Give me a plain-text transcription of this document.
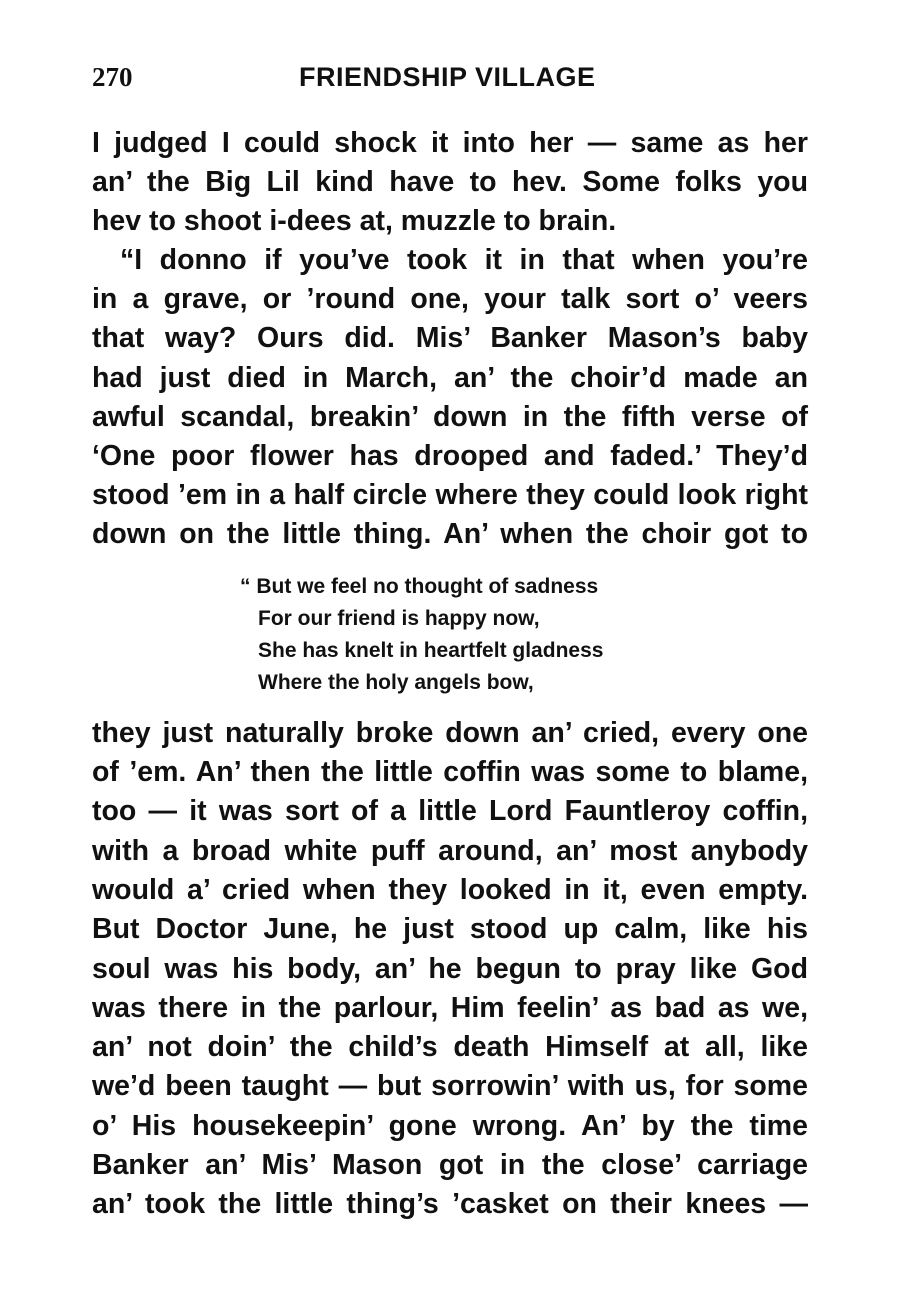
270	FRIENDSHIP VILLAGE
I judged I could shock it into her — same as her
an’ the Big Lil kind have to hev. Some folks you
hev to shoot i-dees at, muzzle to brain.
“I donno if you’ve took it in that when you’re
in a grave, or ’round one, your talk sort o’ veers
that way? Ours did. Mis’ Banker Mason’s baby
had just died in March, an’ the choir’d made an
awful scandal, breakin’ down in the fifth verse of
‘One poor flower has drooped and faded.’ They’d
stood ’em in a half circle where they could look right
down on the little thing. An’ when the choir got to
“ But we feel no thought of sadness
For our friend is happy now,
She has knelt in heartfelt gladness
Where the holy angels bow,
they just naturally broke down an’ cried, every one
of ’em. An’ then the little coffin was some to blame,
too — it was sort of a little Lord Fauntleroy coffin,
with a broad white puff around, an’ most anybody
would a’ cried when they looked in it, even empty.
But Doctor June, he just stood up calm, like his
soul was his body, an’ he begun to pray like God
was there in the parlour, Him feelin’ as bad as we,
an’ not doin’ the child’s death Himself at all, like
we’d been taught — but sorrowin’ with us, for some
o’ His housekeepin’ gone wrong. An’ by the time
Banker an’ Mis’ Mason got in the close’ carriage
an’ took the little thing’s ’casket on their knees —
